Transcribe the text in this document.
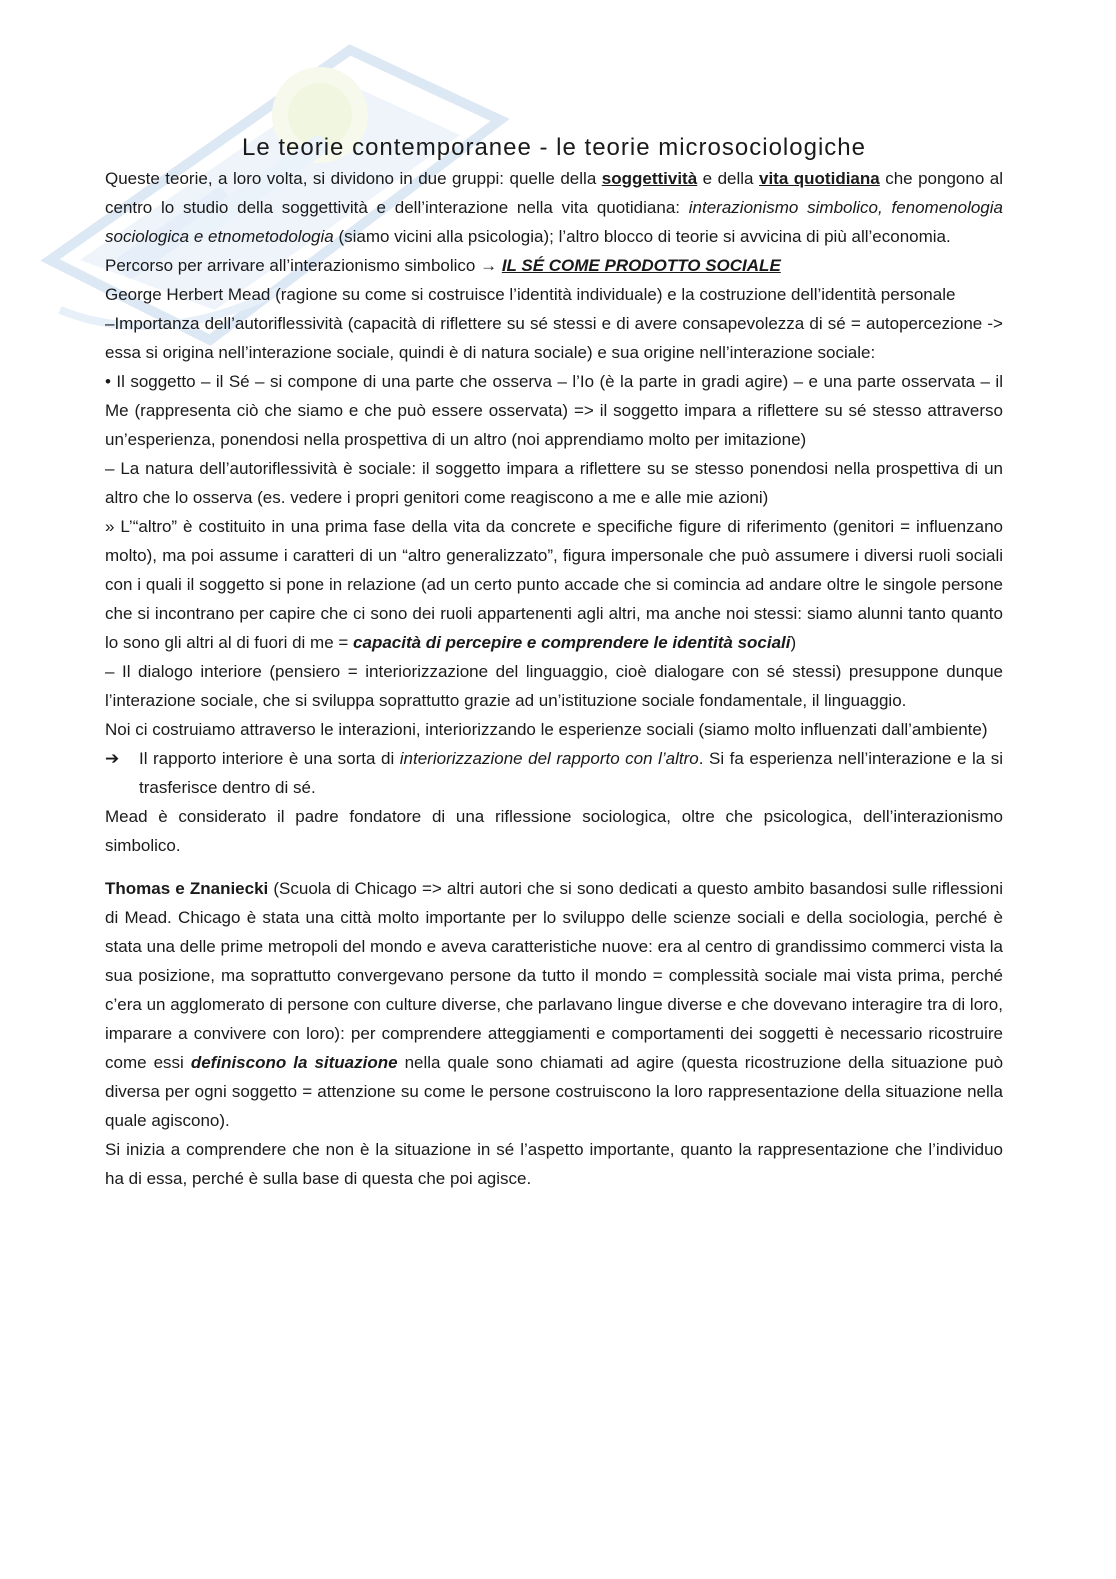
Le teorie contemporanee - le teorie microsociologiche

Queste teorie, a loro volta, si dividono in due gruppi: quelle della soggettività e della vita quotidiana che pongono al centro lo studio della soggettività e dell’interazione nella vita quotidiana: interazionismo simbolico, fenomenologia sociologica e etnometodologia (siamo vicini alla psicologia); l’altro blocco di teorie si avvicina di più all’economia.

Percorso per arrivare all’interazionismo simbolico → IL SÉ COME PRODOTTO SOCIALE

George Herbert Mead (ragione su come si costruisce l’identità individuale) e la costruzione dell’identità personale

–Importanza dell’autoriflessività (capacità di riflettere su sé stessi e di avere consapevolezza di sé = autopercezione -> essa si origina nell’interazione sociale, quindi è di natura sociale) e sua origine nell’interazione sociale:

• Il soggetto – il Sé – si compone di una parte che osserva – l’Io (è la parte in gradi agire) – e una parte osservata – il Me (rappresenta ciò che siamo e che può essere osservata) => il soggetto impara a riflettere su sé stesso attraverso un’esperienza, ponendosi nella prospettiva di un altro (noi apprendiamo molto per imitazione)

– La natura dell’autoriflessività è sociale: il soggetto impara a riflettere su se stesso ponendosi nella prospettiva di un altro che lo osserva (es. vedere i propri genitori come reagiscono a me e alle mie azioni)

» L’“altro” è costituito in una prima fase della vita da concrete e specifiche figure di riferimento (genitori = influenzano molto), ma poi assume i caratteri di un “altro generalizzato”, figura impersonale che può assumere i diversi ruoli sociali con i quali il soggetto si pone in relazione (ad un certo punto accade che si comincia ad andare oltre le singole persone che si incontrano per capire che ci sono dei ruoli appartenenti agli altri, ma anche noi stessi: siamo alunni tanto quanto lo sono gli altri al di fuori di me = capacità di percepire e comprendere le identità sociali)

– Il dialogo interiore (pensiero = interiorizzazione del linguaggio, cioè dialogare con sé stessi) presuppone dunque l’interazione sociale, che si sviluppa soprattutto grazie ad un’istituzione sociale fondamentale, il linguaggio.

Noi ci costruiamo attraverso le interazioni, interiorizzando le esperienze sociali (siamo molto influenzati dall’ambiente)

➔	Il rapporto interiore è una sorta di interiorizzazione del rapporto con l’altro. Si fa esperienza nell’interazione e la si trasferisce dentro di sé.

Mead è considerato il padre fondatore di una riflessione sociologica, oltre che psicologica, dell’interazionismo simbolico.

Thomas e Znaniecki (Scuola di Chicago => altri autori che si sono dedicati a questo ambito basandosi sulle riflessioni di Mead. Chicago è stata una città molto importante per lo sviluppo delle scienze sociali e della sociologia, perché è stata una delle prime metropoli del mondo e aveva caratteristiche nuove: era al centro di grandissimo commerci vista la sua posizione, ma soprattutto convergevano persone da tutto il mondo = complessità sociale mai vista prima, perché c’era un agglomerato di persone con culture diverse, che parlavano lingue diverse e che dovevano interagire tra di loro, imparare a convivere con loro): per comprendere atteggiamenti e comportamenti dei soggetti è necessario ricostruire come essi definiscono la situazione nella quale sono chiamati ad agire (questa ricostruzione della situazione può diversa per ogni soggetto = attenzione su come le persone costruiscono la loro rappresentazione della situazione nella quale agiscono).

Si inizia a comprendere che non è la situazione in sé l’aspetto importante, quanto la rappresentazione che l’individuo ha di essa, perché è sulla base di questa che poi agisce.
